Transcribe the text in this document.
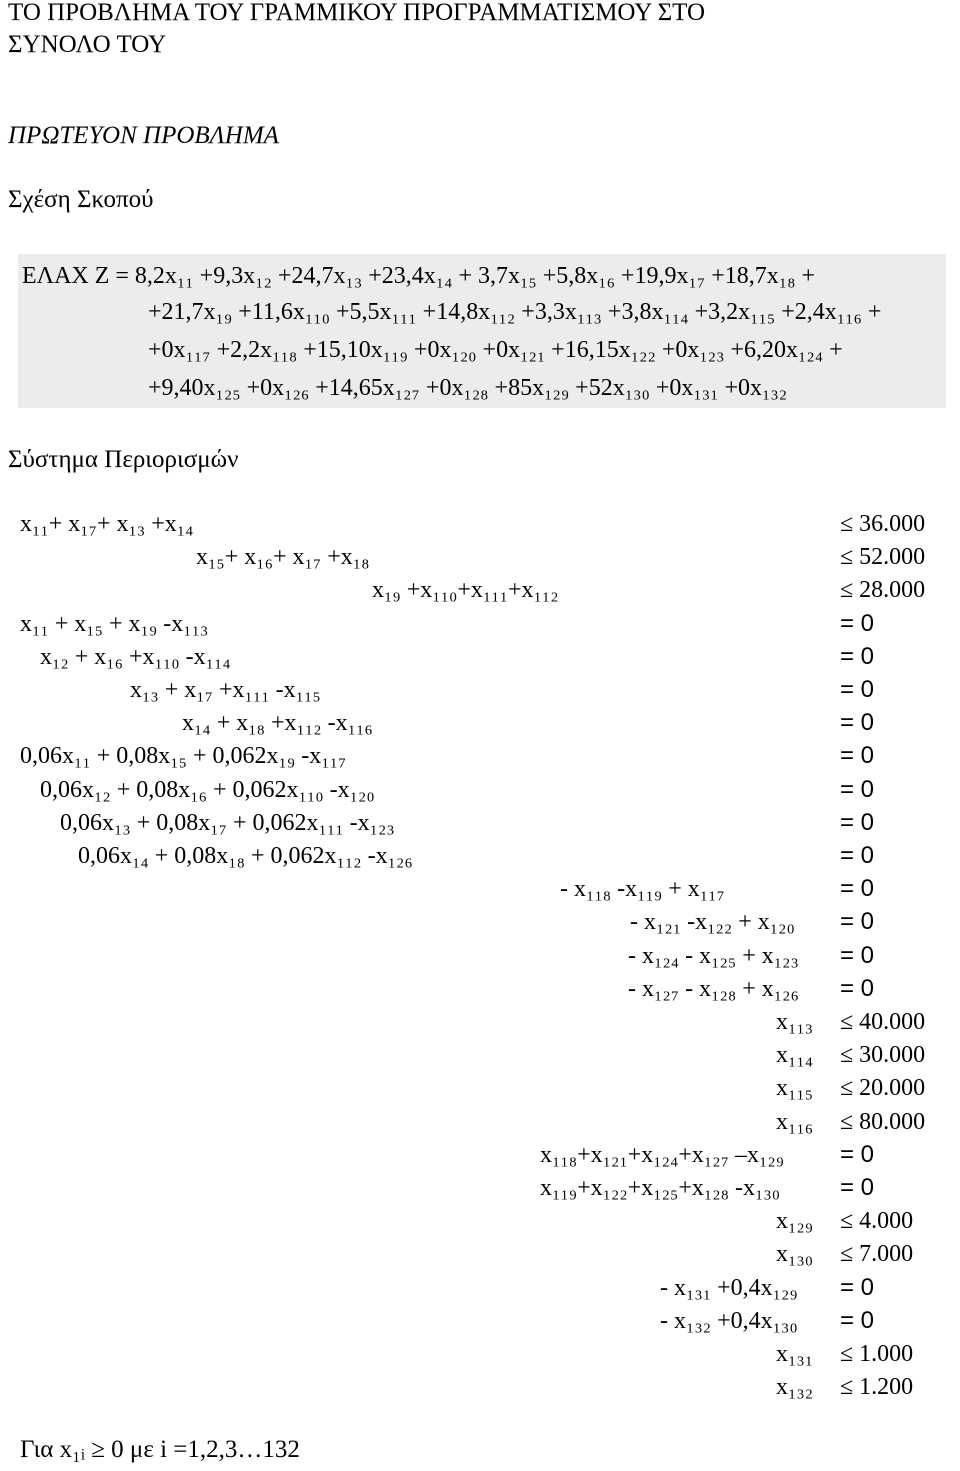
ΤΟ ΠΡΟΒΛΗΜΑ ΤΟΥ ΓΡΑΜΜΙΚΟΥ ΠΡΟΓΡΑΜΜΑΤΙΣΜΟΥ ΣΤΟ
ΣΥΝΟΛΟ ΤΟΥ
ΠΡΩΤΕΥΟΝ ΠΡΟΒΛΗΜΑ
Σχέση Σκοπού
ΕΛΑΧ Z = 8,2x₁₁ +9,3x₁₂ +24,7x₁₃ +23,4x₁₄ + 3,7x₁₅ +5,8x₁₆ +19,9x₁₇ +18,7x₁₈ +
+21,7x₁₉ +11,6x₁₁₀ +5,5x₁₁₁ +14,8x₁₁₂ +3,3x₁₁₃ +3,8x₁₁₄ +3,2x₁₁₅ +2,4x₁₁₆ +
+0x₁₁₇ +2,2x₁₁₈ +15,10x₁₁₉ +0x₁₂₀ +0x₁₂₁ +16,15x₁₂₂ +0x₁₂₃ +6,20x₁₂₄ +
+9,40x₁₂₅ +0x₁₂₆ +14,65x₁₂₇ +0x₁₂₈ +85x₁₂₉ +52x₁₃₀ +0x₁₃₁ +0x₁₃₂
Σύστημα Περιορισμών
x₁₁+ x₁₇+ x₁₃ +x₁₄	≤ 36.000
x₁₅+ x₁₆+ x₁₇ +x₁₈	≤ 52.000
x₁₉ +x₁₁₀+x₁₁₁+x₁₁₂	≤ 28.000
x₁₁ + x₁₅ + x₁₉ -x₁₁₃	= 0
x₁₂ + x₁₆ +x₁₁₀ -x₁₁₄	= 0
x₁₃ + x₁₇ +x₁₁₁ -x₁₁₅	= 0
x₁₄ + x₁₈ +x₁₁₂ -x₁₁₆	= 0
0,06x₁₁ + 0,08x₁₅ + 0,062x₁₉ -x₁₁₇	= 0
0,06x₁₂ + 0,08x₁₆ + 0,062x₁₁₀ -x₁₂₀	= 0
0,06x₁₃ + 0,08x₁₇ + 0,062x₁₁₁ -x₁₂₃	= 0
0,06x₁₄ + 0,08x₁₈ + 0,062x₁₁₂ -x₁₂₆	= 0
- x₁₁₈ -x₁₁₉ + x₁₁₇	= 0
- x₁₂₁ -x₁₂₂ + x₁₂₀ = 0
- x₁₂₄ - x₁₂₅ + x₁₂₃ = 0
- x₁₂₇ - x₁₂₈ + x₁₂₆ = 0
x₁₁₃ ≤ 40.000
x₁₁₄ ≤ 30.000
x₁₁₅ ≤ 20.000
x₁₁₆ ≤ 80.000
x₁₁₈+x₁₂₁+x₁₂₄+x₁₂₇ –x₁₂₉ = 0
x₁₁₉+x₁₂₂+x₁₂₅+x₁₂₈ -x₁₃₀ = 0
x₁₂₉ ≤ 4.000
x₁₃₀ ≤ 7.000
- x₁₃₁ +0,4x₁₂₉ = 0
- x₁₃₂ +0,4x₁₃₀ = 0
x₁₃₁ ≤ 1.000
x₁₃₂ ≤ 1.200
Για x₁ᵢ ≥ 0 με i =1,2,3…132
